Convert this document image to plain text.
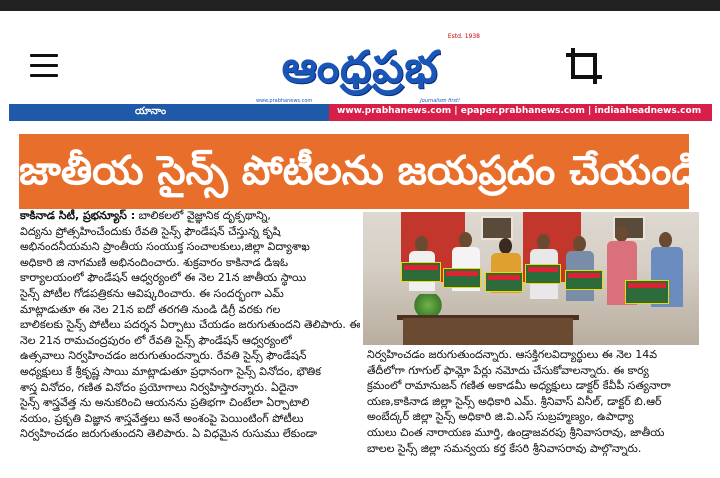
ఆంధ్రప్రభ
Estd. 1938
www.prabhanews.com	Journalism first!
యానాం	www.prabhanews.com | epaper.prabhanews.com | indiaaheadnews.com
జాతీయ సైన్స్ పోటీలను జయప్రదం చేయండి
కాకినాడ సిటీ, ప్రభన్యూస్ : బాలికలలో వైజ్ఞానిక దృక్పథాన్ని,
విద్యను ప్రోత్సహించేందుకు రేవతి సైన్స్ ఫౌండేషన్ చేస్తున్న కృషి
అభినందనీయమని ప్రాంతీయ సంయుక్త సంచాలకులు,జిల్లా విద్యాశాఖ
అధికారి జి నాగమణి అభినందించారు. శుక్రవారం కాకినాడ డిఇఓ
కార్యాలయంలో ఫౌండేషన్ ఆధ్వర్యంలో ఈ నెల 21న జాతీయ స్థాయి
సైన్స్ పోటీల గోడపత్రికను ఆవిష్కరించారు. ఈ సందర్భంగా ఎమ్
మాట్లాడుతూ ఈ నెల 21న ఐదో తరగతి నుండి డిగ్రీ వరకు గల
బాలికలకు సైన్స్ పోటీలు పదర్శన ఏర్పాటు చేయడం జరుగుతుందని తెలిపారు. ఈ
నెల 21న రామచంద్రపురం లో రేవతి సైన్స్ ఫౌండేషన్ ఆధ్వర్యంలో
ఉత్సవాలు నిర్వహించడం జరుగుతుందన్నారు. రేవతి సైన్స్ ఫౌండేషన్
అధ్యక్షులు కే శ్రీకృష్ణ సాయి మాట్లాడుతూ ప్రధానంగా సైన్స్ వినోదం, భౌతిక
శాస్త్ర వినోదం, గణిత వినోదం ప్రయోగాలు నిర్వహిస్తారన్నారు. ఏదైనా
సైన్స్ శాస్త్రవేత్త ను అనుకరించి ఆయనను ప్రతిభగా చింటేలా ఏర్పాటాలి
నయం, ప్రకృతి విజ్ఞాన శాస్త్రవేత్తలు అనే అంశంపై పెయింటింగ్ పోటీలు
నిర్వహించడం జరుగుతుందని తెలిపారు. ఏ విధమైన రుసుము లేకుండా
నిర్వహించడం జరుగుతుందన్నారు. ఆసక్తిగలవిద్యార్థులు ఈ నెల 14వ
తేదీలోగా గూగుల్ ఫామ్లో పేర్లు నమోదు చేసుకోవాలన్నారు. ఈ కార్య
క్రమంలో రామానుజన్ గణిత అకాడమీ అధ్యక్షులు డాక్టర్ కేవీపీ సత్యనారా
యణ,కాకినాడ జిల్లా సైన్స్ అధికారి ఎమ్. శ్రీనివాస్ వినీల్, డాక్టర్ బి.ఆర్
అంబేద్కర్ జిల్లా సైన్స్ అధికారి జి.వి.ఎస్ సుబ్రహ్మణ్యం, ఉపాధ్యా
యులు చింత నారాయణ మూర్తి, ఉండ్రాజవరపు శ్రీనివాసరావు, జాతీయ
బాలల సైన్స్ జిల్లా సమన్వయ కర్త కేసరి శ్రీనివాసరావు పాల్గొన్నారు.
